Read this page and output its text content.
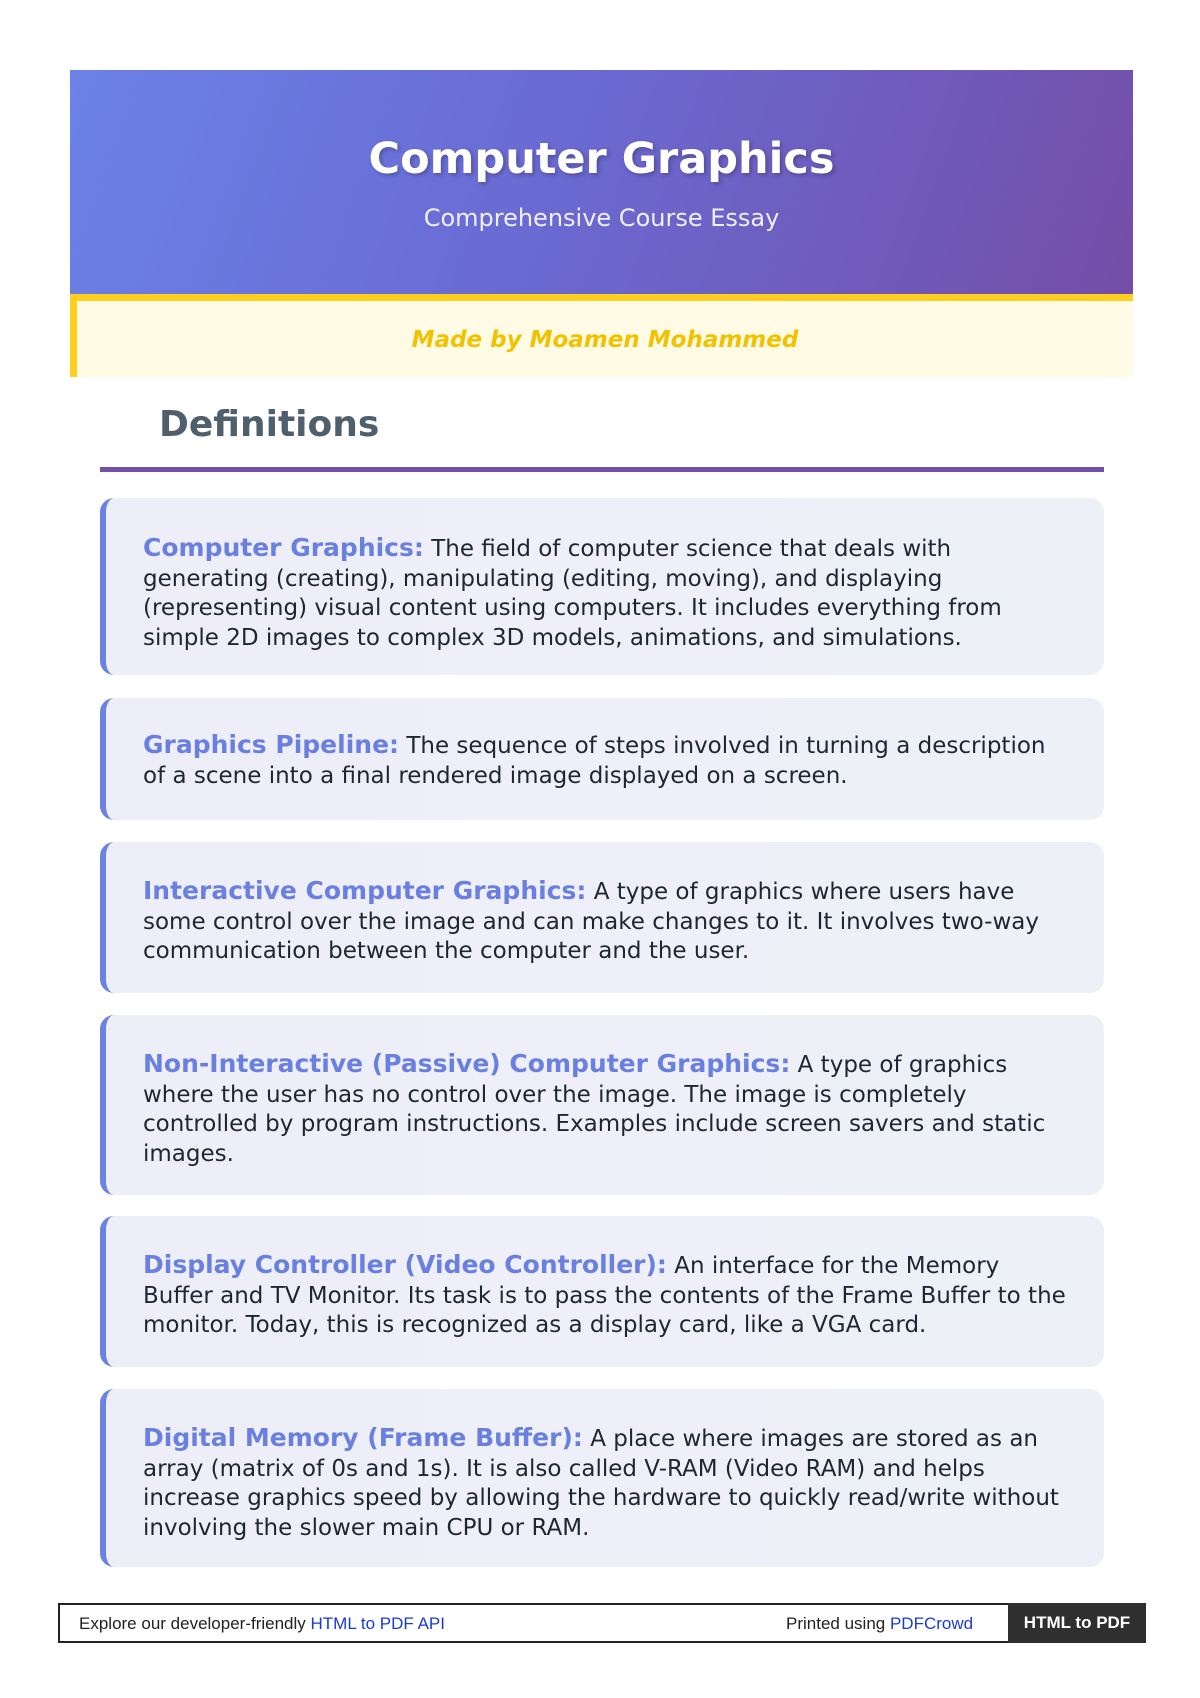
Computer Graphics
Comprehensive Course Essay
Made by Moamen Mohammed
Definitions
Computer Graphics: The field of computer science that deals with generating (creating), manipulating (editing, moving), and displaying (representing) visual content using computers. It includes everything from simple 2D images to complex 3D models, animations, and simulations.
Graphics Pipeline: The sequence of steps involved in turning a description of a scene into a final rendered image displayed on a screen.
Interactive Computer Graphics: A type of graphics where users have some control over the image and can make changes to it. It involves two-way communication between the computer and the user.
Non-Interactive (Passive) Computer Graphics: A type of graphics where the user has no control over the image. The image is completely controlled by program instructions. Examples include screen savers and static images.
Display Controller (Video Controller): An interface for the Memory Buffer and TV Monitor. Its task is to pass the contents of the Frame Buffer to the monitor. Today, this is recognized as a display card, like a VGA card.
Digital Memory (Frame Buffer): A place where images are stored as an array (matrix of 0s and 1s). It is also called V-RAM (Video RAM) and helps increase graphics speed by allowing the hardware to quickly read/write without involving the slower main CPU or RAM.
Explore our developer-friendly HTML to PDF API	Printed using PDFCrowd	HTML to PDF
